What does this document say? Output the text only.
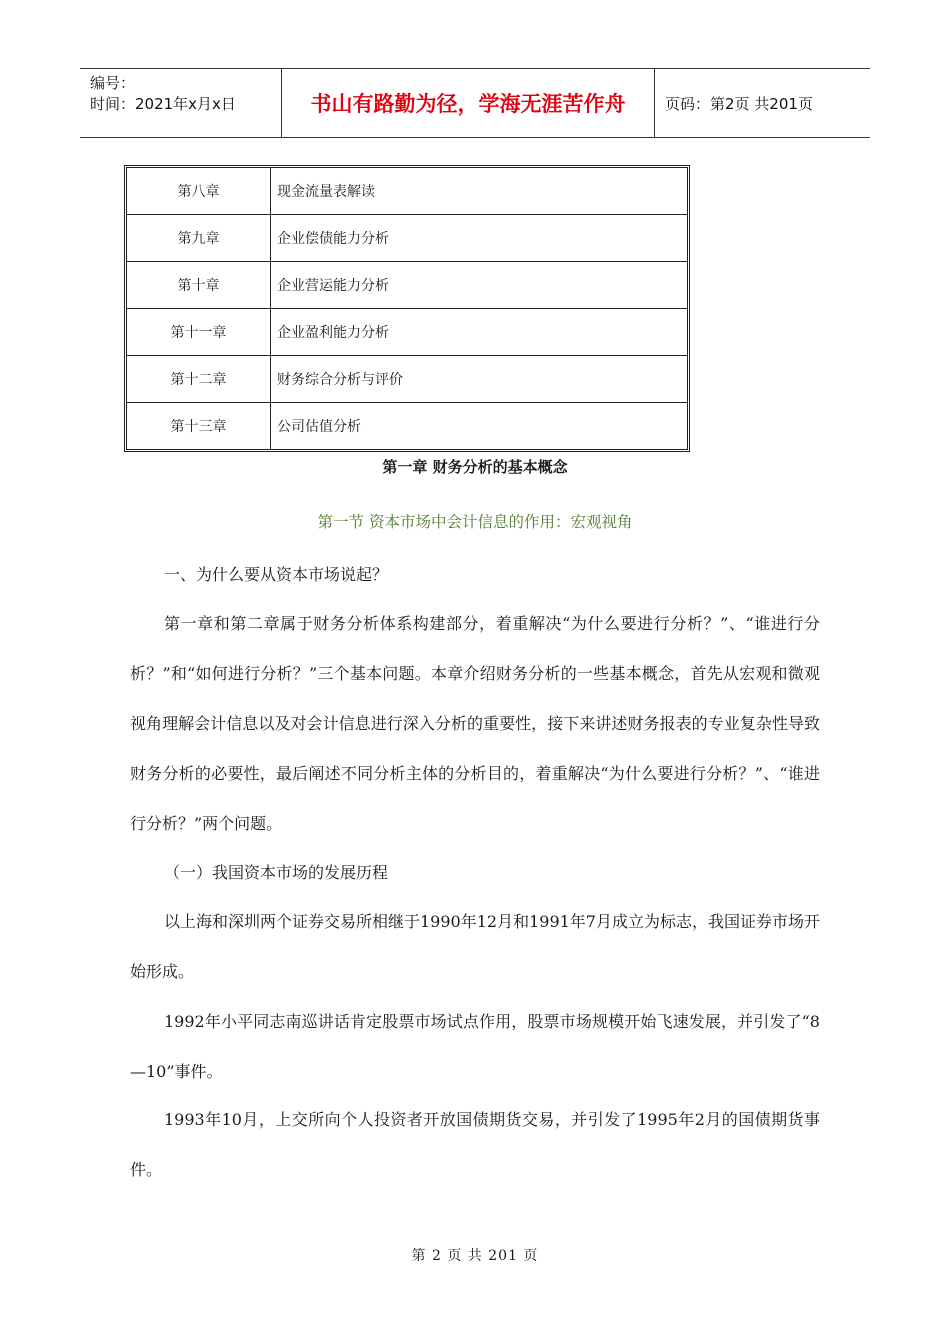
编号：
时间：2021年x月x日	书山有路勤为径，学海无涯苦作舟	页码：第2页 共201页
第八章	现金流量表解读
第九章	企业偿债能力分析
第十章	企业营运能力分析
第十一章	企业盈利能力分析
第十二章	财务综合分析与评价
第十三章	公司估值分析
第一章 财务分析的基本概念
第一节 资本市场中会计信息的作用：宏观视角
一、为什么要从资本市场说起？

第一章和第二章属于财务分析体系构建部分，着重解决“为什么要进行分析？”、“谁进行分析？”和“如何进行分析？”三个基本问题。本章介绍财务分析的一些基本概念，首先从宏观和微观视角理解会计信息以及对会计信息进行深入分析的重要性，接下来讲述财务报表的专业复杂性导致财务分析的必要性，最后阐述不同分析主体的分析目的，着重解决“为什么要进行分析？”、“谁进行分析？”两个问题。

（一）我国资本市场的发展历程

以上海和深圳两个证券交易所相继于1990年12月和1991年7月成立为标志，我国证券市场开始形成。

1992年小平同志南巡讲话肯定股票市场试点作用，股票市场规模开始飞速发展，并引发了“8—10”事件。

1993年10月，上交所向个人投资者开放国债期货交易，并引发了1995年2月的国债期货事件。

第 2 页 共 201 页
